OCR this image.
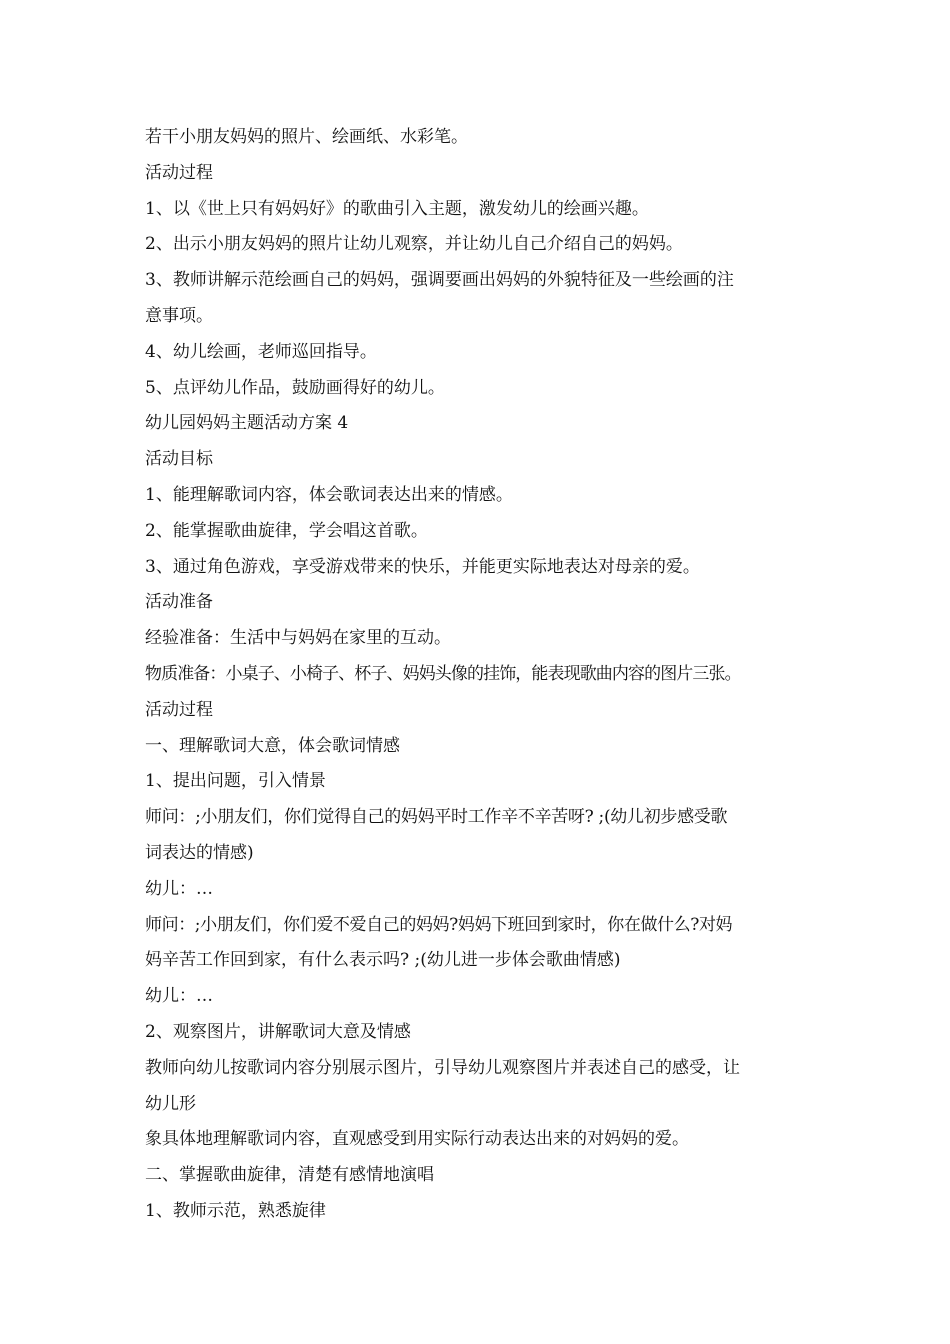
若干小朋友妈妈的照片、绘画纸、水彩笔。
活动过程
1、以《世上只有妈妈好》的歌曲引入主题，激发幼儿的绘画兴趣。
2、出示小朋友妈妈的照片让幼儿观察，并让幼儿自己介绍自己的妈妈。
3、教师讲解示范绘画自己的妈妈，强调要画出妈妈的外貌特征及一些绘画的注
意事项。
4、幼儿绘画，老师巡回指导。
5、点评幼儿作品，鼓励画得好的幼儿。
幼儿园妈妈主题活动方案 4
活动目标
1、能理解歌词内容，体会歌词表达出来的情感。
2、能掌握歌曲旋律，学会唱这首歌。
3、通过角色游戏，享受游戏带来的快乐，并能更实际地表达对母亲的爱。
活动准备
经验准备：生活中与妈妈在家里的互动。
物质准备：小桌子、小椅子、杯子、妈妈头像的挂饰，能表现歌曲内容的图片三张。
活动过程
一、理解歌词大意，体会歌词情感
1、提出问题，引入情景
师问：;小朋友们，你们觉得自己的妈妈平时工作辛不辛苦呀? ;(幼儿初步感受歌
词表达的情感)
幼儿：…
师问：;小朋友们，你们爱不爱自己的妈妈?妈妈下班回到家时，你在做什么?对妈
妈辛苦工作回到家，有什么表示吗? ;(幼儿进一步体会歌曲情感)
幼儿：…
2、观察图片，讲解歌词大意及情感
教师向幼儿按歌词内容分别展示图片，引导幼儿观察图片并表述自己的感受，让
幼儿形
象具体地理解歌词内容，直观感受到用实际行动表达出来的对妈妈的爱。
二、掌握歌曲旋律，清楚有感情地演唱
1、教师示范，熟悉旋律
